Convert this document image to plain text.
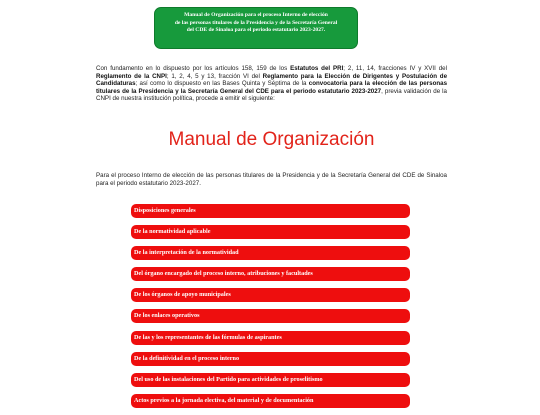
Manual de Organización para el proceso Interno de elección
de las personas titulares de la Presidencia y de la Secretaría General
del CDE de Sinaloa para el periodo estatutario 2023-2027.

Con fundamento en lo dispuesto por los artículos 158, 159 de los Estatutos del PRI; 2, 11, 14, fracciones IV y XVII del Reglamento de la CNPI; 1, 2, 4, 5 y 13, fracción VI del Reglamento para la Elección de Dirigentes y Postulación de Candidaturas; así como lo dispuesto en las Bases Quinta y Séptima de la convocatoria para la elección de las personas titulares de la Presidencia y la Secretaría General del CDE para el periodo estatutario 2023-2027, previa validación de la CNPI de nuestra institución política, procede a emitir el siguiente:

Manual de Organización

Para el proceso Interno de elección de las personas titulares de la Presidencia y de la Secretaría General del CDE de Sinaloa para el periodo estatutario 2023-2027.

Disposiciones generales
De la normatividad aplicable
De la interpretación de la normatividad
Del órgano encargado del proceso interno, atribuciones y facultades
De los órganos de apoyo municipales
De los enlaces operativos
De las y los representantes de las fórmulas de aspirantes
De la definitividad en el proceso interno
Del uso de las instalaciones del Partido para actividades de proselitismo
Actos previos a la jornada electiva, del material y de documentación
